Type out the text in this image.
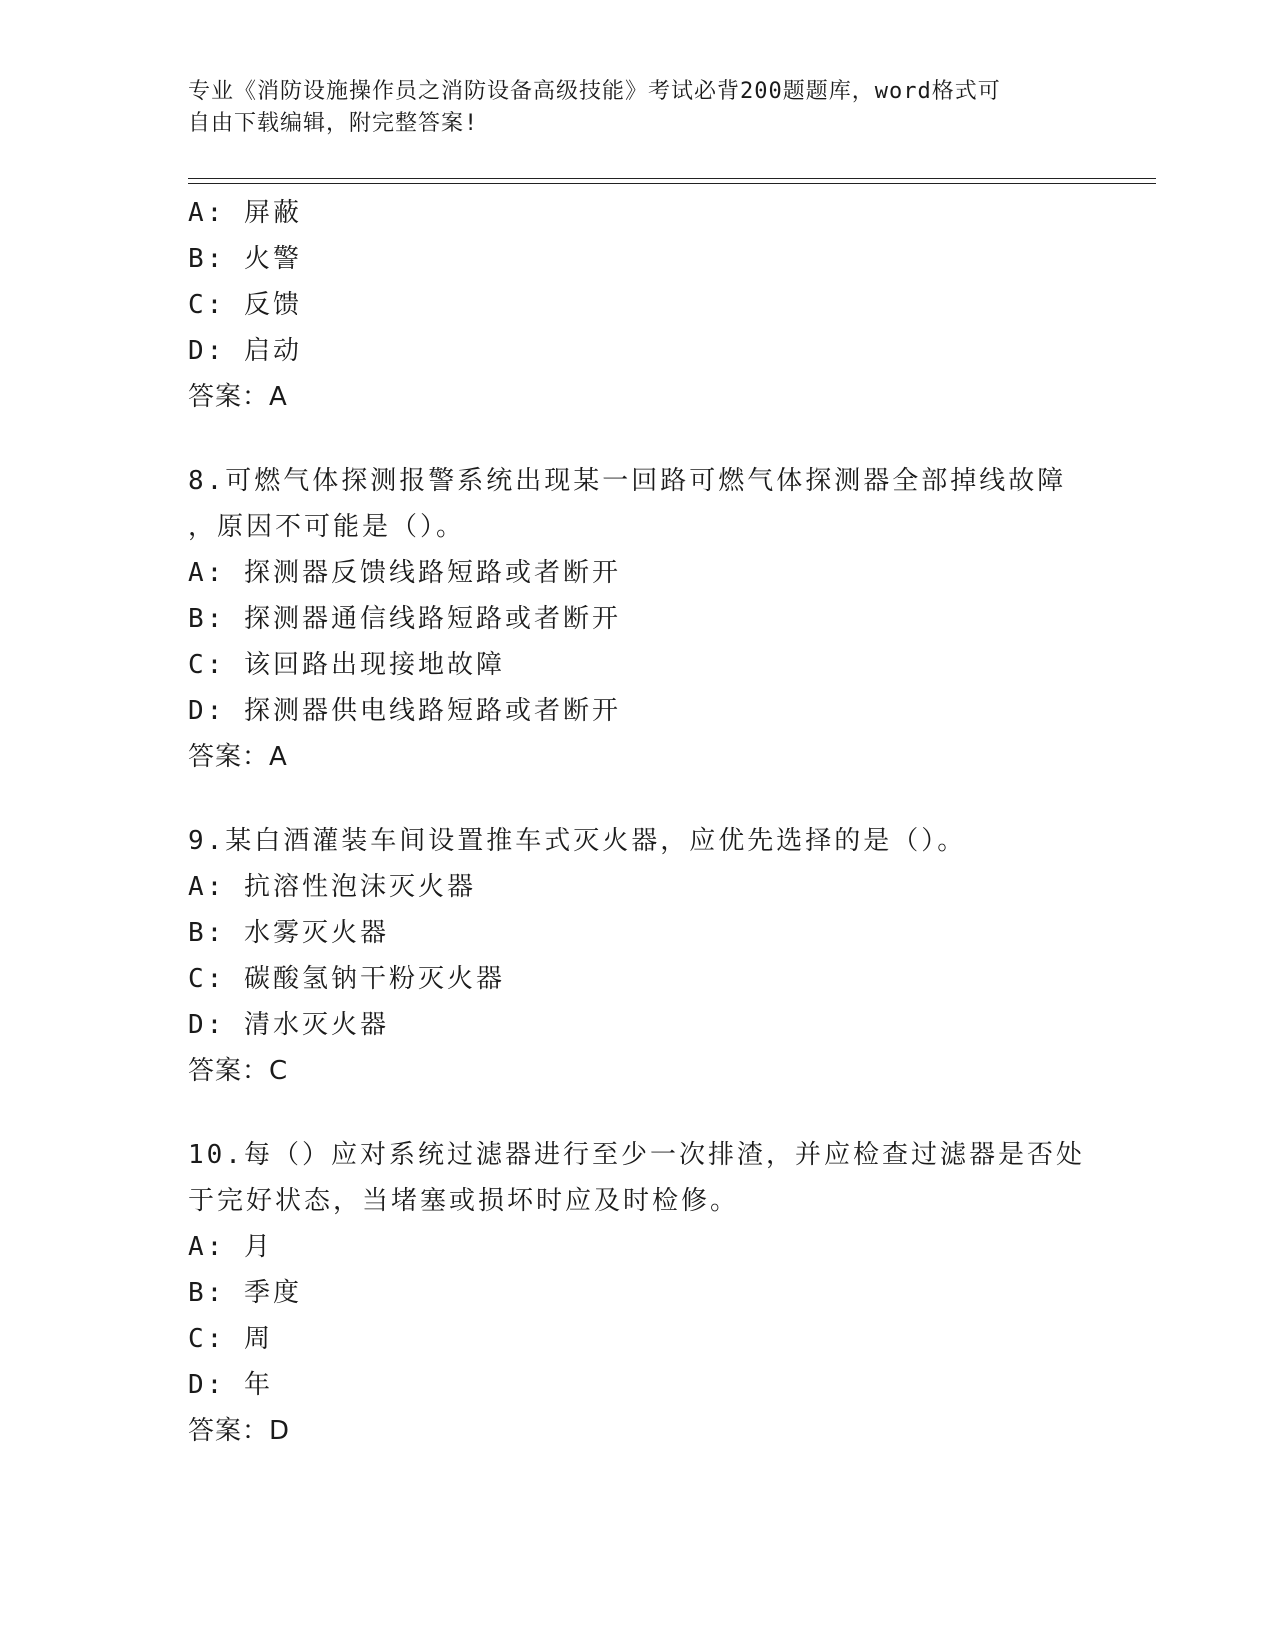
专业《消防设施操作员之消防设备高级技能》考试必背200题题库，word格式可
自由下载编辑，附完整答案!
A: 屏蔽
B: 火警
C: 反馈
D: 启动
答案：A
8.可燃气体探测报警系统出现某一回路可燃气体探测器全部掉线故障
，原因不可能是（）。
A: 探测器反馈线路短路或者断开
B: 探测器通信线路短路或者断开
C: 该回路出现接地故障
D: 探测器供电线路短路或者断开
答案：A
9.某白酒灌装车间设置推车式灭火器，应优先选择的是（）。
A: 抗溶性泡沫灭火器
B: 水雾灭火器
C: 碳酸氢钠干粉灭火器
D: 清水灭火器
答案：C
10.每（）应对系统过滤器进行至少一次排渣，并应检查过滤器是否处
于完好状态，当堵塞或损坏时应及时检修。
A: 月
B: 季度
C: 周
D: 年
答案：D
